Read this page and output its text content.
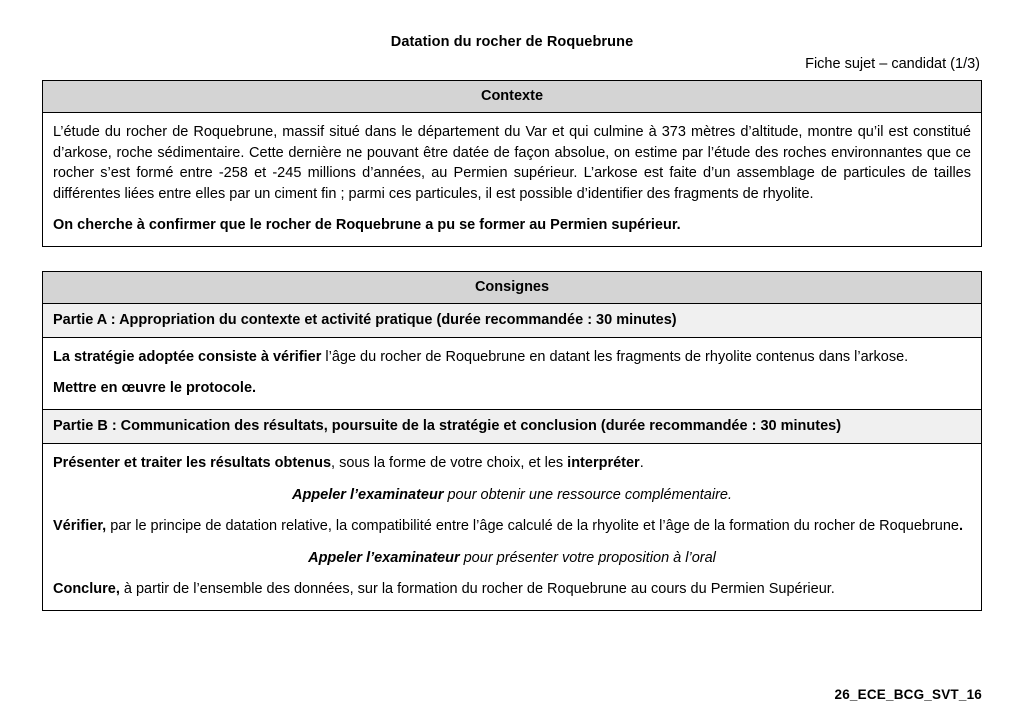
Datation du rocher de Roquebrune
Fiche sujet – candidat (1/3)
Contexte

L’étude du rocher de Roquebrune, massif situé dans le département du Var et qui culmine à 373 mètres d’altitude, montre qu’il est constitué d’arkose, roche sédimentaire. Cette dernière ne pouvant être datée de façon absolue, on estime par l’étude des roches environnantes que ce rocher s’est formé entre -258 et -245 millions d’années, au Permien supérieur. L’arkose est faite d’un assemblage de particules de tailles différentes liées entre elles par un ciment fin ; parmi ces particules, il est possible d’identifier des fragments de rhyolite.

On cherche à confirmer que le rocher de Roquebrune a pu se former au Permien supérieur.

Consignes
Partie A : Appropriation du contexte et activité pratique (durée recommandée : 30 minutes)

La stratégie adoptée consiste à vérifier l’âge du rocher de Roquebrune en datant les fragments de rhyolite contenus dans l’arkose.

Mettre en œuvre le protocole.

Partie B : Communication des résultats, poursuite de la stratégie et conclusion (durée recommandée : 30 minutes)

Présenter et traiter les résultats obtenus, sous la forme de votre choix, et les interpréter.

Appeler l’examinateur pour obtenir une ressource complémentaire.

Vérifier, par le principe de datation relative, la compatibilité entre l’âge calculé de la rhyolite et l’âge de la formation du rocher de Roquebrune.

Appeler l’examinateur pour présenter votre proposition à l’oral

Conclure, à partir de l’ensemble des données, sur la formation du rocher de Roquebrune au cours du Permien Supérieur.

26_ECE_BCG_SVT_16
